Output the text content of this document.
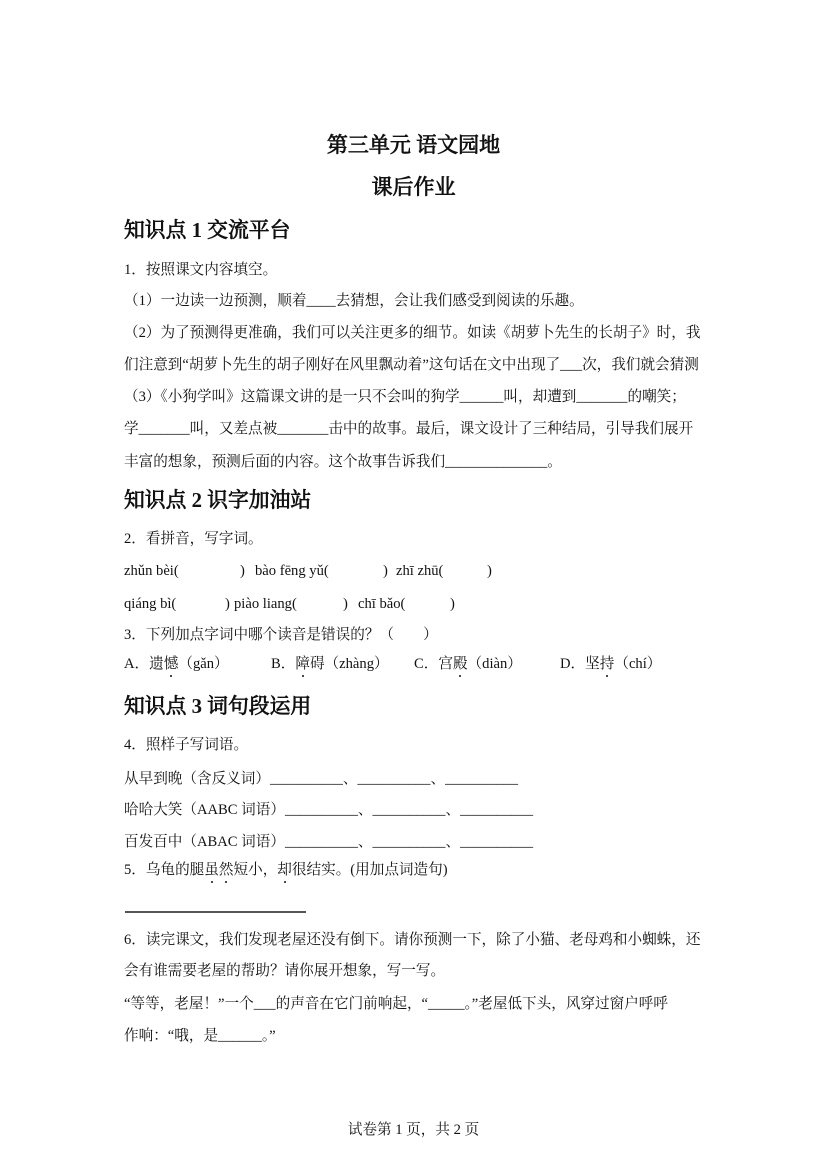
第三单元 语文园地
课后作业
知识点 1 交流平台
1．按照课文内容填空。
（1）一边读一边预测，顺着____去猜想，会让我们感受到阅读的乐趣。
（2）为了预测得更准确，我们可以关注更多的细节。如读《胡萝卜先生的长胡子》时，我
们注意到“胡萝卜先生的胡子刚好在风里飘动着”这句话在文中出现了___次，我们就会猜测
（3）《小狗学叫》这篇课文讲的是一只不会叫的狗学______叫，却遭到_______的嘲笑；
学_______叫，又差点被_______击中的故事。最后，课文设计了三种结局，引导我们展开
丰富的想象，预测后面的内容。这个故事告诉我们______________。
知识点 2 识字加油站
2．看拼音，写字词。
zhǔn bèi(	) bào fēng yǔ(	) zhī zhū(	)
qiáng bì(	) piào liang(	) chī bǎo(	)
3．下列加点字词中哪个读音是错误的？（　　）
A．遗憾（gǎn）	B．障碍（zhàng） C．宫殿（diàn）	D．坚持（chí）
知识点 3 词句段运用
4．照样子写词语。
从早到晚（含反义词）__________、__________、__________
哈哈大笑（AABC 词语）__________、__________、__________
百发百中（ABAC 词语）__________、__________、__________
5．乌龟的腿虽然短小，却很结实。(用加点词造句)
6．读完课文，我们发现老屋还没有倒下。请你预测一下，除了小猫、老母鸡和小蜘蛛，还
会有谁需要老屋的帮助？请你展开想象，写一写。
“等等，老屋！”一个___的声音在它门前响起，“_____。”老屋低下头，风穿过窗户呼呼
作响：“哦，是______。”
试卷第 1 页，共 2 页
